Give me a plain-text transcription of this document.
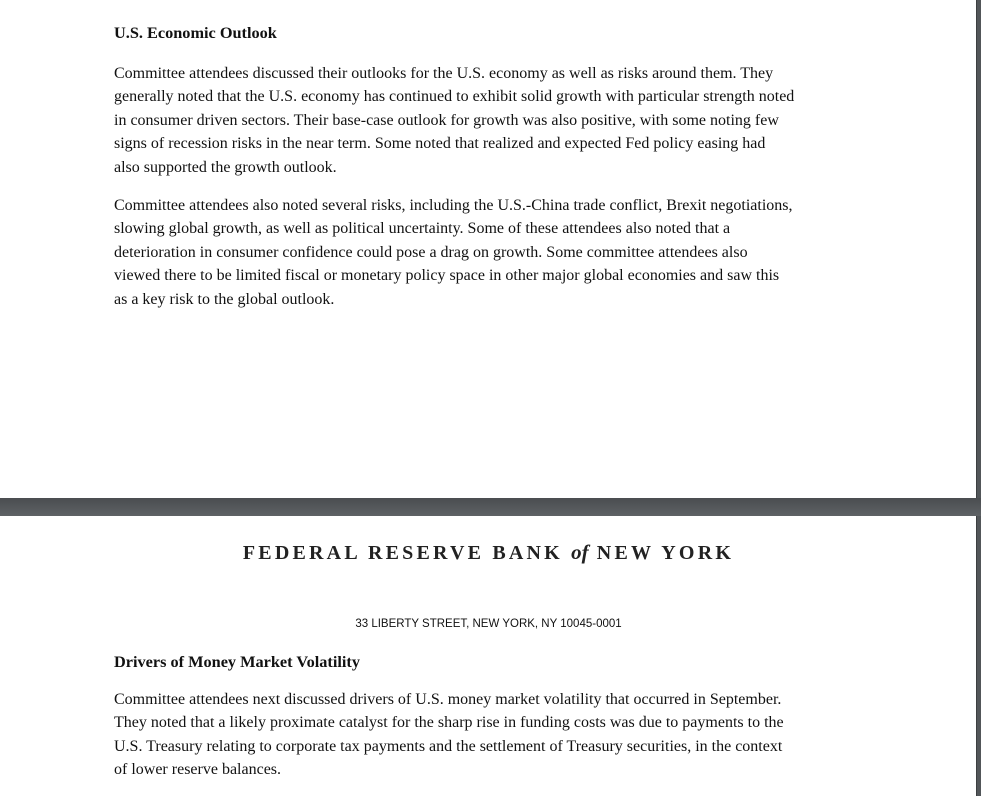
U.S. Economic Outlook

Committee attendees discussed their outlooks for the U.S. economy as well as risks around them. They
generally noted that the U.S. economy has continued to exhibit solid growth with particular strength noted
in consumer driven sectors. Their base-case outlook for growth was also positive, with some noting few
signs of recession risks in the near term. Some noted that realized and expected Fed policy easing had
also supported the growth outlook.

Committee attendees also noted several risks, including the U.S.-China trade conflict, Brexit negotiations,
slowing global growth, as well as political uncertainty. Some of these attendees also noted that a
deterioration in consumer confidence could pose a drag on growth. Some committee attendees also
viewed there to be limited fiscal or monetary policy space in other major global economies and saw this
as a key risk to the global outlook.

FEDERAL RESERVE BANK of NEW YORK
33 LIBERTY STREET, NEW YORK, NY 10045-0001
Drivers of Money Market Volatility

Committee attendees next discussed drivers of U.S. money market volatility that occurred in September.
They noted that a likely proximate catalyst for the sharp rise in funding costs was due to payments to the
U.S. Treasury relating to corporate tax payments and the settlement of Treasury securities, in the context
of lower reserve balances.
